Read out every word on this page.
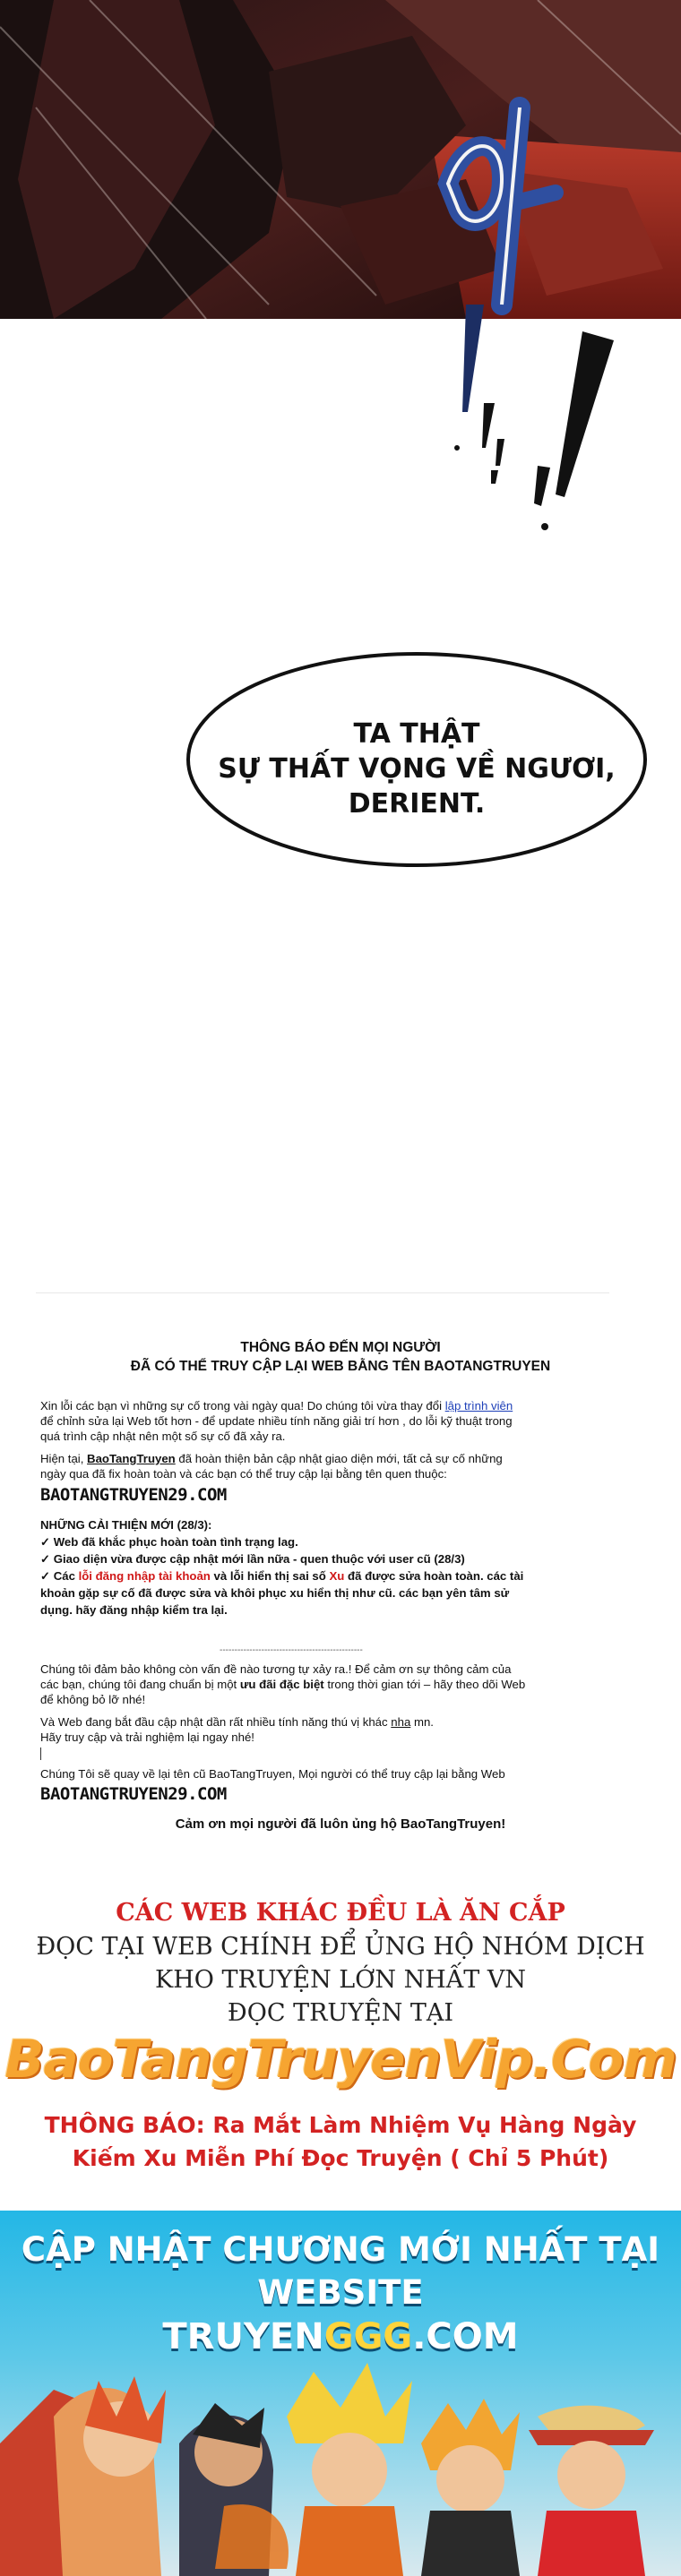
TA THẬT
SỰ THẤT VỌNG VỀ NGƯƠI,
DERIENT.
THÔNG BÁO ĐẾN MỌI NGƯỜI
ĐÃ CÓ THỂ TRUY CẬP LẠI WEB BẰNG TÊN BAOTANGTRUYEN
Xin lỗi các bạn vì những sự cố trong vài ngày qua! Do chúng tôi vừa thay đổi lập trình viên
để chỉnh sửa lại Web tốt hơn - để update nhiều tính năng giải trí hơn , do lỗi kỹ thuật trong
quá trình cập nhật nên một số sự cố đã xảy ra.
Hiện tại, BaoTangTruyen đã hoàn thiện bản cập nhật giao diện mới, tất cả sự cố những
ngày qua đã fix hoàn toàn và các bạn có thể truy cập lại bằng tên quen thuộc:
BAOTANGTRUYEN29.COM
NHỮNG CẢI THIỆN MỚI (28/3):
✓ Web đã khắc phục hoàn toàn tình trạng lag.
✓ Giao diện vừa được cập nhật mới lần nữa - quen thuộc với user cũ (28/3)
✓ Các lỗi đăng nhập tài khoản và lỗi hiển thị sai số Xu đã được sửa hoàn toàn. các tài
khoản gặp sự cố đã được sửa và khôi phục xu hiển thị như cũ. các bạn yên tâm sử
dụng. hãy đăng nhập kiểm tra lại.
------------------------------------------------
Chúng tôi đảm bảo không còn vấn đề nào tương tự xảy ra.! Để cảm ơn sự thông cảm của
các bạn, chúng tôi đang chuẩn bị một ưu đãi đặc biệt trong thời gian tới – hãy theo dõi Web
để không bỏ lỡ nhé!
Và Web đang bắt đầu cập nhật dần rất nhiều tính năng thú vị khác nha mn.
Hãy truy cập và trải nghiệm lại ngay nhé!
Chúng Tôi sẽ quay về lại tên cũ BaoTangTruyen, Mọi người có thể truy cập lại bằng Web
BAOTANGTRUYEN29.COM
Cảm ơn mọi người đã luôn ủng hộ BaoTangTruyen!
CÁC WEB KHÁC ĐỀU LÀ ĂN CẮP
ĐỌC TẠI WEB CHÍNH ĐỂ ỦNG HỘ NHÓM DỊCH
KHO TRUYỆN LỚN NHẤT VN
ĐỌC TRUYỆN TẠI
BaoTangTruyenVip.Com
THÔNG BÁO: Ra Mắt Làm Nhiệm Vụ Hàng Ngày
Kiếm Xu Miễn Phí Đọc Truyện ( Chỉ 5 Phút)
CẬP NHẬT CHƯƠNG MỚI NHẤT TẠI WEBSITE
TRUYENGGG.COM
